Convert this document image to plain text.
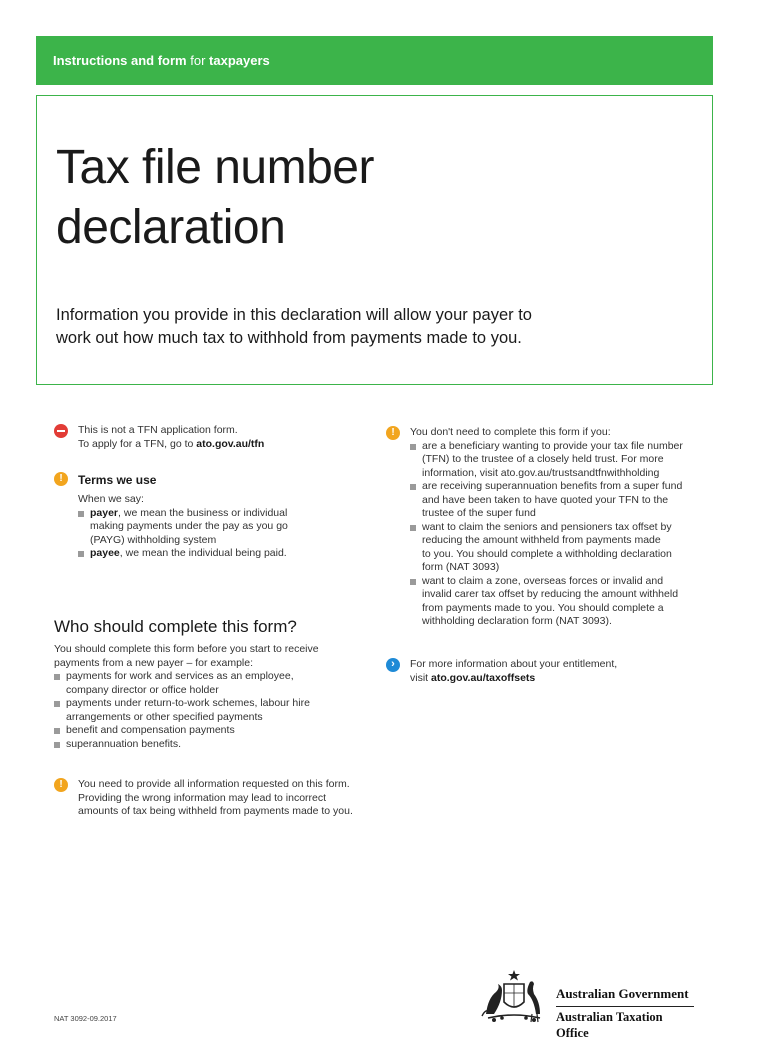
Instructions and form for taxpayers
Tax file number
declaration
Information you provide in this declaration will allow your payer to
work out how much tax to withhold from payments made to you.
This is not a TFN application form.
To apply for a TFN, go to ato.gov.au/tfn
!	Terms we use
When we say:
payer, we mean the business or individual
making payments under the pay as you go
(PAYG) withholding system
payee, we mean the individual being paid.
Who should complete this form?
You should complete this form before you start to receive
payments from a new payer – for example:
payments for work and services as an employee,
company director or office holder
payments under return-to-work schemes, labour hire
arrangements or other specified payments
benefit and compensation payments
superannuation benefits.
!	You need to provide all information requested on this form.
Providing the wrong information may lead to incorrect
amounts of tax being withheld from payments made to you.
!	You don't need to complete this form if you:
are a beneficiary wanting to provide your tax file number
(TFN) to the trustee of a closely held trust. For more
information, visit ato.gov.au/trustsandtfnwithholding
are receiving superannuation benefits from a super fund
and have been taken to have quoted your TFN to the
trustee of the super fund
want to claim the seniors and pensioners tax offset by
reducing the amount withheld from payments made
to you. You should complete a withholding declaration
form (NAT 3093)
want to claim a zone, overseas forces or invalid and
invalid carer tax offset by reducing the amount withheld
from payments made to you. You should complete a
withholding declaration form (NAT 3093).
›	For more information about your entitlement,
visit ato.gov.au/taxoffsets
NAT 3092-09.2017
Australian Government
Australian Taxation Office
